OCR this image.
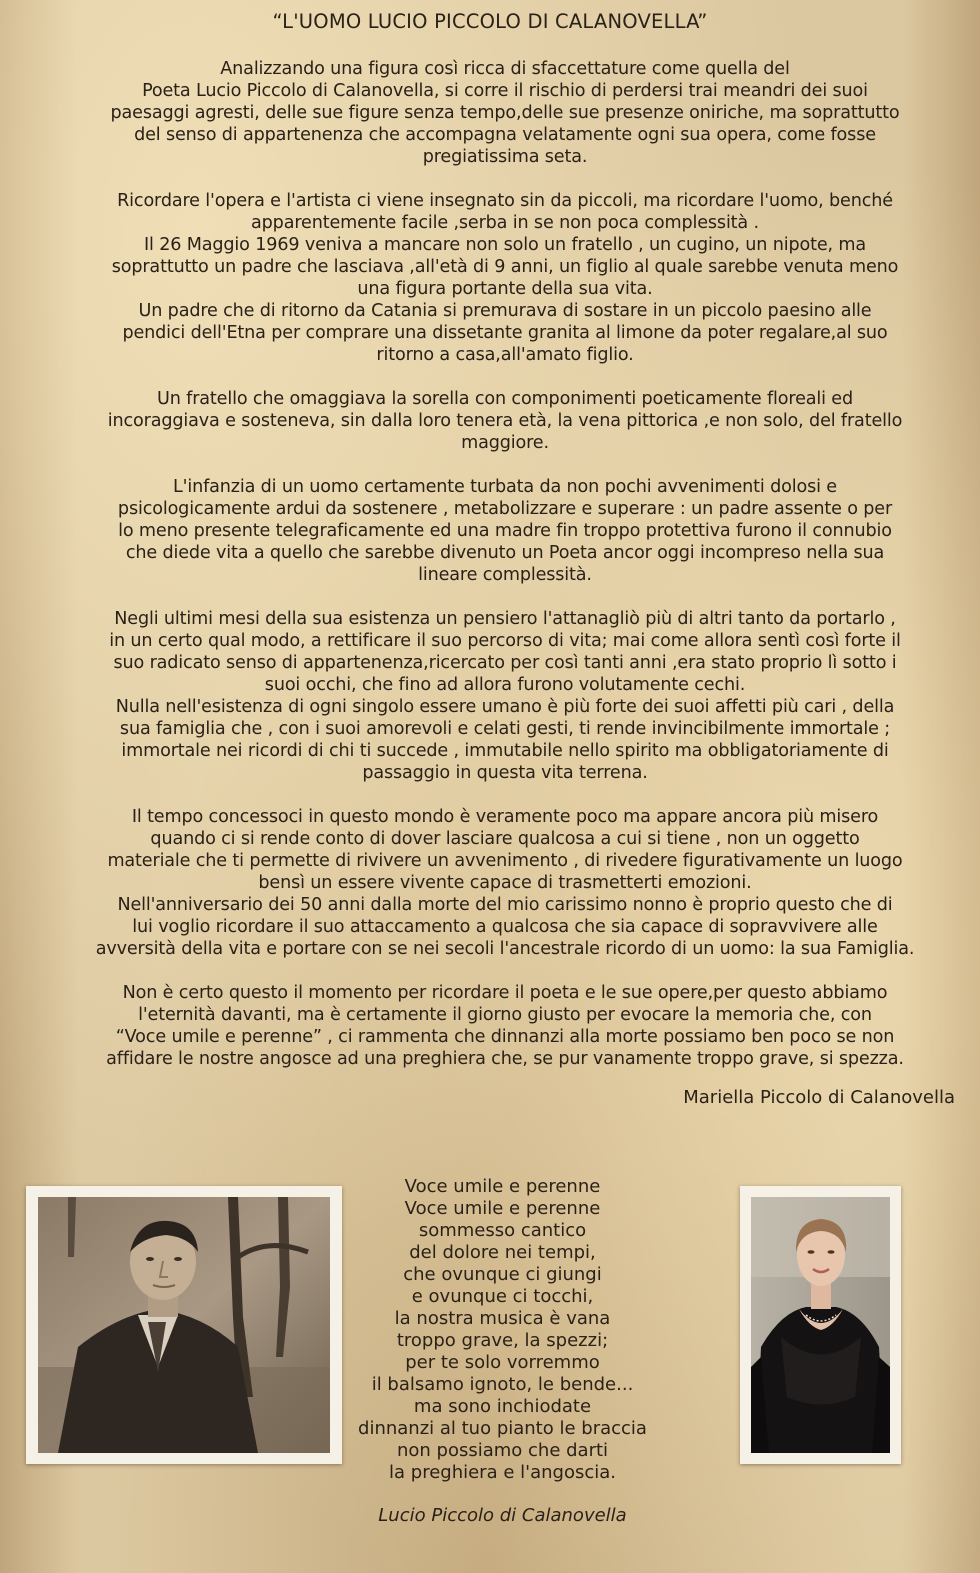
“L'UOMO LUCIO PICCOLO DI CALANOVELLA”

Analizzando una figura così ricca di sfaccettature come quella del
Poeta Lucio Piccolo di Calanovella, si corre il rischio di perdersi trai meandri dei suoi
paesaggi agresti, delle sue figure senza tempo,delle sue presenze oniriche, ma soprattutto
del senso di appartenenza che accompagna velatamente ogni sua opera, come fosse
pregiatissima seta.

Ricordare l'opera e l'artista ci viene insegnato sin da piccoli, ma ricordare l'uomo, benché
apparentemente facile ,serba in se non poca complessità .

Il 26 Maggio 1969 veniva a mancare non solo un fratello , un cugino, un nipote, ma
soprattutto un padre che lasciava ,all'età di 9 anni, un figlio al quale sarebbe venuta meno
una figura portante della sua vita.

Un padre che di ritorno da Catania si premurava di sostare in un piccolo paesino alle
pendici dell'Etna per comprare una dissetante granita al limone da poter regalare,al suo
ritorno a casa,all'amato figlio.

Un fratello che omaggiava la sorella con componimenti poeticamente floreali ed
incoraggiava e sosteneva, sin dalla loro tenera età, la vena pittorica ,e non solo, del fratello
maggiore.

L'infanzia di un uomo certamente turbata da non pochi avvenimenti dolosi e
psicologicamente ardui da sostenere , metabolizzare e superare : un padre assente o per
lo meno presente telegraficamente ed una madre fin troppo protettiva furono il connubio
che diede vita a quello che sarebbe divenuto un Poeta ancor oggi incompreso nella sua
lineare complessità.

Negli ultimi mesi della sua esistenza un pensiero l'attanagliò più di altri tanto da portarlo ,
in un certo qual modo, a rettificare il suo percorso di vita; mai come allora sentì così forte il
suo radicato senso di appartenenza,ricercato per così tanti anni ,era stato proprio lì sotto i
suoi occhi, che fino ad allora furono volutamente cechi.

Nulla nell'esistenza di ogni singolo essere umano è più forte dei suoi affetti più cari , della
sua famiglia che , con i suoi amorevoli e celati gesti, ti rende invincibilmente immortale ;
immortale nei ricordi di chi ti succede , immutabile nello spirito ma obbligatoriamente di
passaggio in questa vita terrena.

Il tempo concessoci in questo mondo è veramente poco ma appare ancora più misero
quando ci si rende conto di dover lasciare qualcosa a cui si tiene , non un oggetto
materiale che ti permette di rivivere un avvenimento , di rivedere figurativamente un luogo
bensì un essere vivente capace di trasmetterti emozioni.

Nell'anniversario dei 50 anni dalla morte del mio carissimo nonno è proprio questo che di
lui voglio ricordare il suo attaccamento a qualcosa che sia capace di sopravvivere alle
avversità della vita e portare con se nei secoli l'ancestrale ricordo di un uomo: la sua Famiglia.

Non è certo questo il momento per ricordare il poeta e le sue opere,per questo abbiamo
l'eternità davanti, ma è certamente il giorno giusto per evocare la memoria che, con
“Voce umile e perenne” , ci rammenta che dinnanzi alla morte possiamo ben poco se non
affidare le nostre angosce ad una preghiera che, se pur vanamente troppo grave, si spezza.

Mariella Piccolo di Calanovella
Voce umile e perenne
Voce umile e perenne
sommesso cantico
del dolore nei tempi,
che ovunque ci giungi
e ovunque ci tocchi,
la nostra musica è vana
troppo grave, la spezzi;
per te solo vorremmo
il balsamo ignoto, le bende...
ma sono inchiodate
dinnanzi al tuo pianto le braccia
non possiamo che darti
la preghiera e l'angoscia.
Lucio Piccolo di Calanovella
